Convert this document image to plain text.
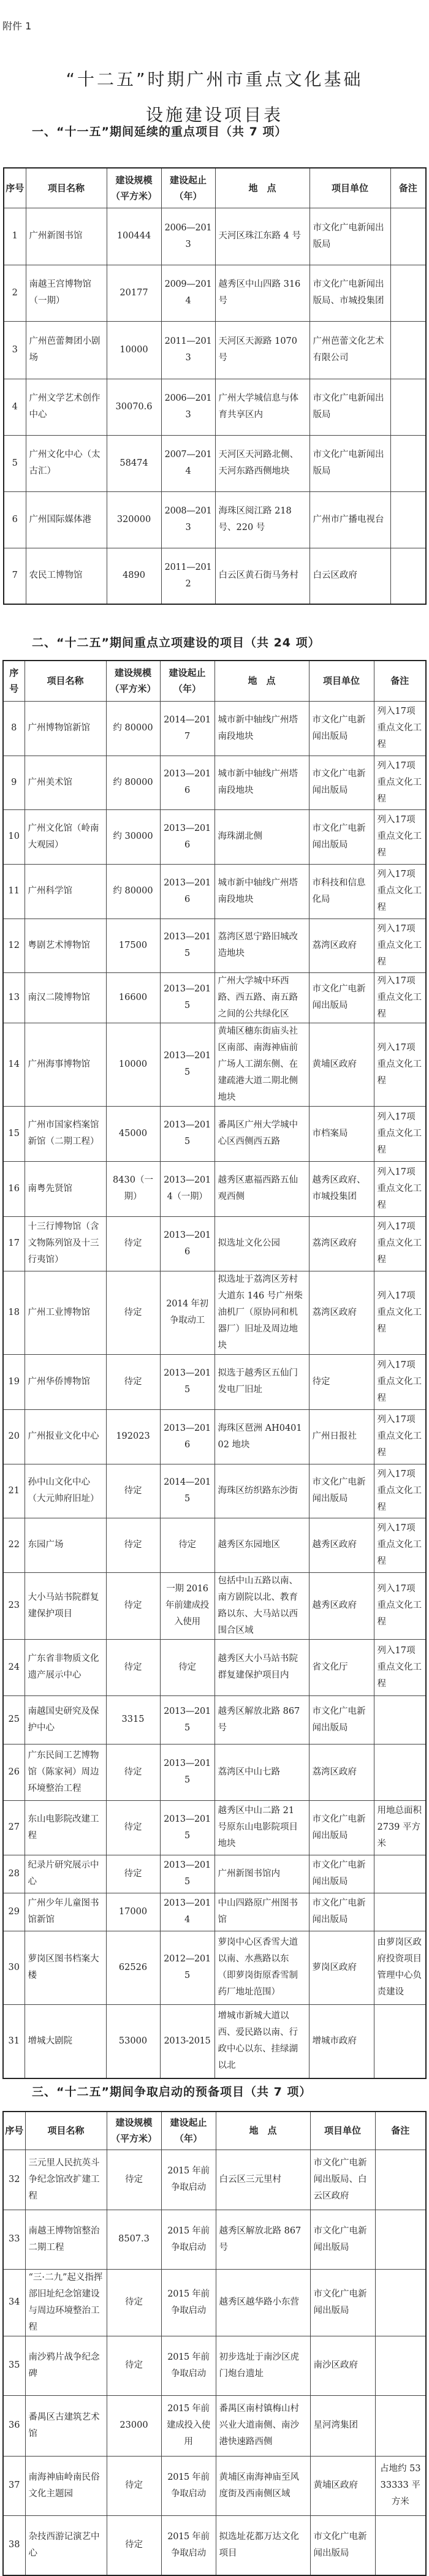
附件 1
“十二五”时期广州市重点文化基础
设施建设项目表
一、“十一五”期间延续的重点项目（共 7 项）
序号	项目名称	建设规模（平方米）	建设起止（年）	地　点	项目单位	备注
1	广州新图书馆	100444	2006—2013	天河区珠江东路 4 号	市文化广电新闻出版局	
2	南越王宫博物馆（一期）	20177	2009—2014	越秀区中山四路 316 号	市文化广电新闻出版局、市城投集团	
3	广州芭蕾舞团小剧场	10000	2011—2013	天河区天源路 1070 号	广州芭蕾文化艺术有限公司	
4	广州文学艺术创作中心	30070.6	2006—2013	广州大学城信息与体育共享区内	市文化广电新闻出版局	
5	广州文化中心（太古汇）	58474	2007—2014	天河区天河路北侧、天河东路西侧地块	市文化广电新闻出版局	
6	广州国际媒体港	320000	2008—2013	海珠区阅江路 218 号、220 号	广州市广播电视台	
7	农民工博物馆	4890	2011—2012	白云区黄石街马务村	白云区政府	
二、“十二五”期间重点立项建设的项目（共 24 项）
序号	项目名称	建设规模（平方米）	建设起止（年）	地　点	项目单位	备注
8	广州博物馆新馆	约 80000	2014—2017	城市新中轴线广州塔南段地块	市文化广电新闻出版局	列入17项重点文化工程
9	广州美术馆	约 80000	2013—2016	城市新中轴线广州塔南段地块	市文化广电新闻出版局	列入17项重点文化工程
10	广州文化馆（岭南大观园）	约 30000	2013—2016	海珠湖北侧	市文化广电新闻出版局	列入17项重点文化工程
11	广州科学馆	约 80000	2013—2016	城市新中轴线广州塔南段地块	市科技和信息化局	列入17项重点文化工程
12	粤剧艺术博物馆	17500	2013—2015	荔湾区恩宁路旧城改造地块	荔湾区政府	列入17项重点文化工程
13	南汉二陵博物馆	16600	2013—2015	广州大学城中环西路、西五路、南五路之间的公共绿化区	市文化广电新闻出版局	列入17项重点文化工程
14	广州海事博物馆	10000	2013—2015	黄埔区穗东街庙头社区南部、南海神庙前广场人工湖东侧、在建疏港大道二期北侧地块	黄埔区政府	列入17项重点文化工程
15	广州市国家档案馆新馆（二期工程）	45000	2013—2015	番禺区广州大学城中心区西侧西五路	市档案局	列入17项重点文化工程
16	南粤先贤馆	8430（一期）	2013—2014（一期）	越秀区惠福西路五仙观西侧	越秀区政府、市城投集团	列入17项重点文化工程
17	十三行博物馆（含文物陈列馆及十三行夷馆）	待定	2013—2016	拟选址文化公园	荔湾区政府	列入17项重点文化工程
18	广州工业博物馆	待定	2014 年初争取动工	拟选址于荔湾区芳村大道东 146 号广州柴油机厂（原协同和机器厂）旧址及周边地块	荔湾区政府	列入17项重点文化工程
19	广州华侨博物馆	待定	2013—2015	拟选于越秀区五仙门发电厂旧址	待定	列入17项重点文化工程
20	广州报业文化中心	192023	2013—2016	海珠区琶洲 AH040102 地块	广州日报社	列入17项重点文化工程
21	孙中山文化中心（大元帅府旧址）	待定	2014—2015	海珠区纺织路东沙街	市文化广电新闻出版局	列入17项重点文化工程
22	东园广场	待定	待定	越秀区东园地区	越秀区政府	列入17项重点文化工程
23	大小马站书院群复建保护项目	待定	一期 2016 年前建成投入使用	包括中山五路以南、南方剧院以北、教育路以东、大马站以西围合区域	越秀区政府	列入17项重点文化工程
24	广东省非物质文化遗产展示中心	待定	待定	越秀区大小马站书院群复建保护项目内	省文化厅	列入17项重点文化工程
25	南越国史研究及保护中心	3315	2013—2015	越秀区解放北路 867 号	市文化广电新闻出版局	
26	广东民间工艺博物馆（陈家祠）周边环境整治工程	待定	2013—2015	荔湾区中山七路	荔湾区政府	
27	东山电影院改建工程	待定	2013—2015	越秀区中山二路 21 号原东山电影院项目地块	市文化广电新闻出版局	用地总面积 2739 平方米
28	纪录片研究展示中心	待定	2013—2015	广州新图书馆内	市文化广电新闻出版局	
29	广州少年儿童图书馆新馆	17000	2013—2014	中山四路原广州图书馆	市文化广电新闻出版局	
30	萝岗区图书档案大楼	62526	2012—2015	萝岗中心区香雪大道以南、水燕路以东（即萝岗街原香雪制药厂地址范围）	萝岗区政府	由萝岗区政府投资项目管理中心负责建设
31	增城大剧院	53000	2013-2015	增城市新城大道以西、爱民路以南、行政中心以东、挂绿湖以北	增城市政府	
三、“十二五”期间争取启动的预备项目（共 7 项）
序号	项目名称	建设规模（平方米）	建设起止（年）	地　点	项目单位	备注
32	三元里人民抗英斗争纪念馆改扩建工程	待定	2015 年前争取启动	白云区三元里村	市文化广电新闻出版局、白云区政府	
33	南越王博物馆整治二期工程	8507.3	2015 年前争取启动	越秀区解放北路 867 号	市文化广电新闻出版局	
34	“三·二九”起义指挥部旧址纪念馆建设与周边环境整治工程	待定	2015 年前争取启动	越秀区越华路小东营	市文化广电新闻出版局	
35	南沙鸦片战争纪念碑	待定	2015 年前争取启动	初步选址于南沙区虎门炮台遗址	南沙区政府	
36	番禺区古建筑艺术馆	23000	2015 年前建成投入使用	番禺区南村镇梅山村兴业大道南侧、南沙港快速路西侧	星河湾集团	
37	南海神庙岭南民俗文化主题园	待定	2015 年前争取启动	黄埔区南海神庙至风度街及西南侧区域	黄埔区政府	占地约 5333333 平方米
38	杂技西游记演艺中心	待定	2015 年前争取启动	拟选址花都万达文化项目	市文化广电新闻出版局	
